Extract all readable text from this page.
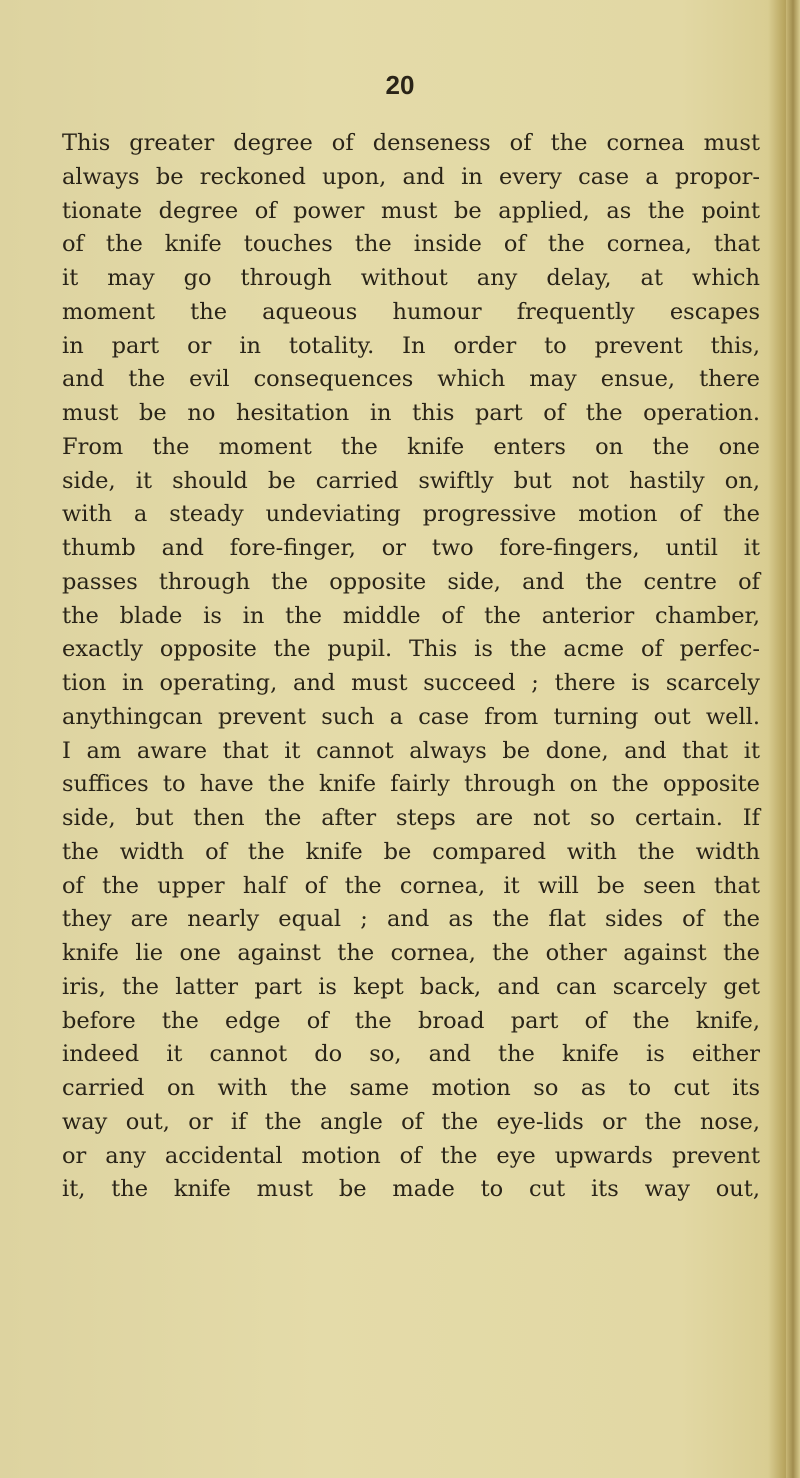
20
This greater degree of denseness of the cornea must
always be reckoned upon, and in every case a propor-
tionate degree of power must be applied, as the point
of the knife touches the inside of the cornea, that
it may go through without any delay, at which
moment the aqueous humour frequently escapes
in part or in totality. In order to prevent this,
and the evil consequences which may ensue, there
must be no hesitation in this part of the operation.
From the moment the knife enters on the one
side, it should be carried swiftly but not hastily on,
with a steady undeviating progressive motion of the
thumb and fore-finger, or two fore-fingers, until it
passes through the opposite side, and the centre of
the blade is in the middle of the anterior chamber,
exactly opposite the pupil. This is the acme of perfec-
tion in operating, and must succeed ; there is scarcely
anythingcan prevent such a case from turning out well.
I am aware that it cannot always be done, and that it
suffices to have the knife fairly through on the opposite
side, but then the after steps are not so certain. If
the width of the knife be compared with the width
of the upper half of the cornea, it will be seen that
they are nearly equal ; and as the flat sides of the
knife lie one against the cornea, the other against the
iris, the latter part is kept back, and can scarcely get
before the edge of the broad part of the knife,
indeed it cannot do so, and the knife is either
carried on with the same motion so as to cut its
way out, or if the angle of the eye-lids or the nose,
or any accidental motion of the eye upwards prevent
it, the knife must be made to cut its way out,
